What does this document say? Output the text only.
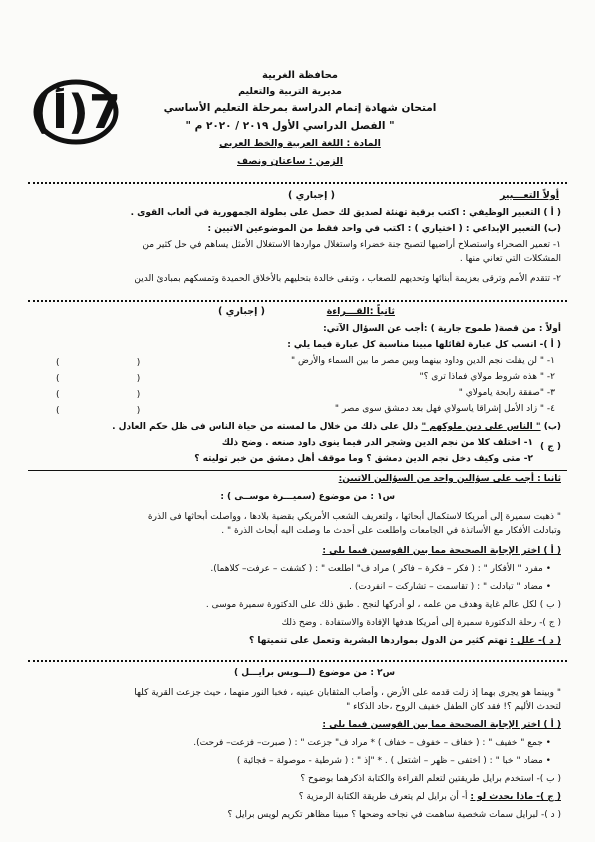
محافظة الغربية
مديرية التربية والتعليم
امتحان شهادة إتمام الدراسة بمرحلة التعليم الأساسي
" الفصل الدراسي الأول ٢٠١٩ / ٢٠٢٠ م "
المادة : اللغة العربية والخط العربي
الزمن : ساعتان ونصف
7(أ)
أولاً التعـــبير
( إجباري )
( أ ) التعبير الوظيفي : اكتب برقية تهنئة لصديق لك حصل على بطولة الجمهورية في ألعاب القوى .
(ب) التعبير الإبداعي : ( اختياري ) : اكتب في واحد فقط من الموضوعين الاتيين :
١- تعمير الصحراء واستصلاح أراضيها لتصبح جنة خضراء واستغلال مواردها الاستغلال الأمثل يساهم في حل كثير من
المشكلات التي تعاني منها .
٢- تتقدم الأمم وترقى بعزيمة أبنائها وتحديهم للصعاب ، وتبقى خالدة بتحليهم بالأخلاق الحميدة وتمسكهم بمبادئ الدين
ثانياً :القـــراءة
( إجباري )
أولاً : من قصة( طموح جارية ) :أجب عن السؤال الآتي:
( أ )- انسب كل عبارة لقائلها مبينا مناسبة كل عبارة فيما يلي :
١- " لن يفلت نجم الدين وداود بينهما وبين مصر ما بين السماء والأرض "
٢- " هذه شروط مولاي فماذا ترى ؟"
٣- "صفقة رابحة يامولاي "
٤- " زاد الأمل إشراقا ياسولاي فهل بعد دمشق سوى مصر "
(                           )
(                           )
(                           )
(                           )
(ب) " الناس على دين ملوكهم " دلل على ذلك من خلال ما لمسته من حياة الناس فى ظل حكم العادل .
( ج )
١- اختلف كلا من نجم الدين وشجر الدر فيما ينوى داود صنعه . وضح ذلك
٢- متى وكيف دخل نجم الدين دمشق ؟ وما موقف أهل دمشق من خبر توليته ؟
ثانيا : أجب على سؤالين واحد من السؤالين الاتيين:
س١ : من موضوع (سميـــرة موســى ) :
" ذهبت سميرة إلى أمريكا لاستكمال أبحاثها ، ولتعريف الشعب الأمريكي بقضية بلادها ، وواصلت أبحاثها فى الذرة
وتبادلت الأفكار مع الأساتذة في الجامعات واطلعت على أحدث ما وصلت اليه أبحاث الذرة " .
( أ ) اختر الإجابة الصحيحة مما بين القوسين فيما يلي :
• مفرد " الأفكار " : ( فكر – فكرة – فاكر ) مراد ف" اطلعت " : ( كشفت – عرفت– كلاهما).
• مضاد " تبادلت " : ( تقاسمت – تشاركت – انفردت) .
( ب ) لكل عالم غاية وهدف من علمه ، لو أدركها لنجح . طبق ذلك على الدكتورة سميرة موسى .
( ج )- رحلة الدكتورة سميرة إلى أمريكا هدفها الإفادة والاستفادة . وضح ذلك
( د )- علل : تهتم كثير من الدول بمواردها البشرية وتعمل على تنميتها ؟
س٢ : من موضوع (لـــويس برايـــل )
" وبينما هو يجرى بهما إذ زلت قدمه على الأرض ، وأصاب المثقابان عينيه ، فخبا النور منهما ، حيث جزعت القرية كلها
لتحدث الأليم ؟! فقد كان الطفل خفيف الروح ،حاد الذكاء "
( أ ) اختر الإجابة الصحيحة مما بين القوسين فيما يلي :
• جمع " خفيف " : ( خفاف – خفوف – خفاف ) * مراد ف" جزعت " : ( صبرت– فزعت– فرحت).
• مضاد " خبا " : ( اختفى – ظهر – اشتعل ) . * "إذ " : ( شرطية - موصولة – فجائية )
( ب )- استخدم برايل طريقتين لتعلم القراءة والكتابة اذكرهما بوضوح ؟
( ج )- ماذا يحدث لو : أ- أن برايل لم يتعرف طريقة الكتابة الرمزية ؟
( د )- لبرايل سمات شخصية ساهمت في نجاحه وضحها ؟ مبينا مظاهر تكريم لويس برايل ؟
